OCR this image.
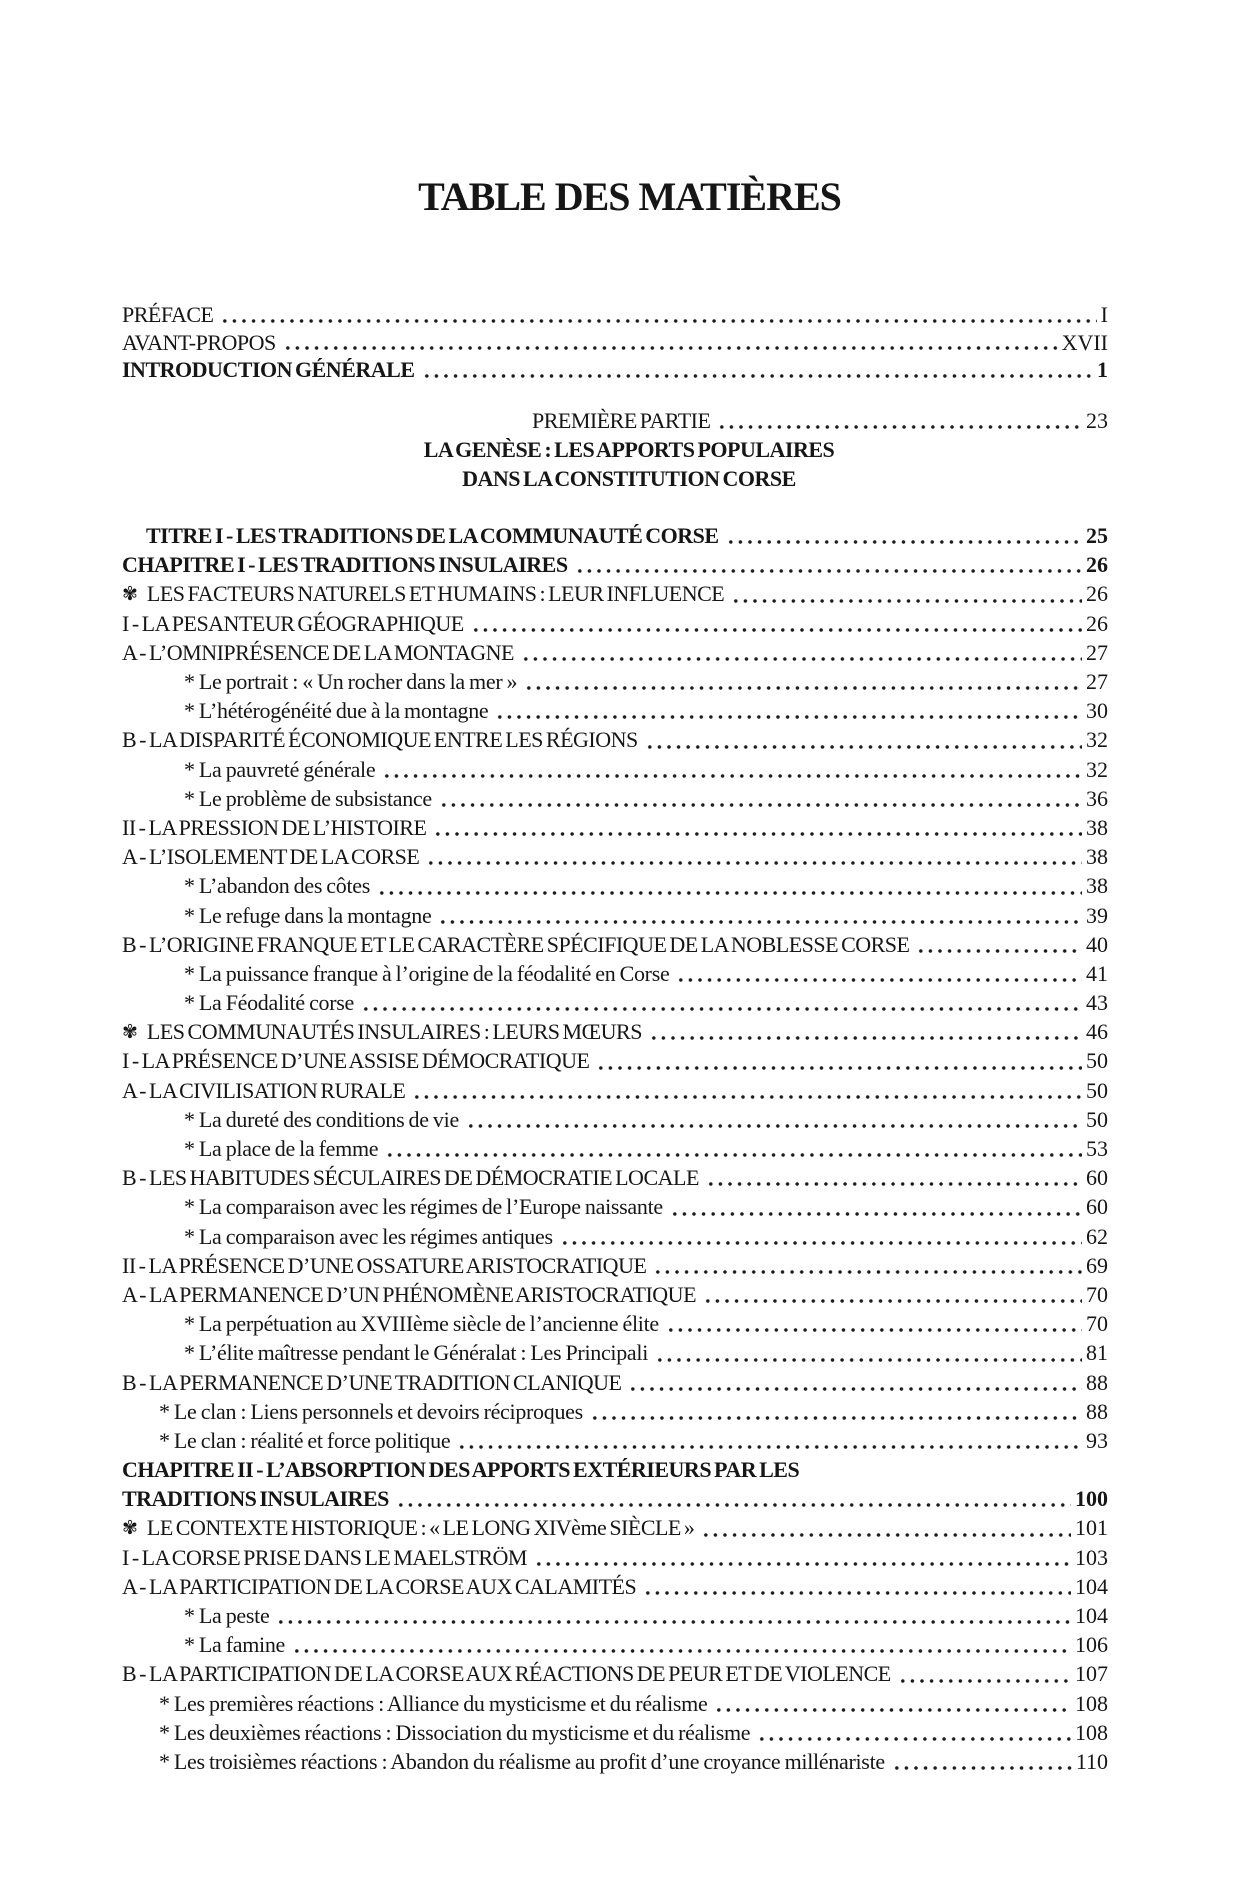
TABLE DES MATIÈRES
PRÉFACE	I
AVANT-PROPOS	XVII
INTRODUCTION GÉNÉRALE	1
PREMIÈRE PARTIE	23
LA GENÈSE : LES APPORTS POPULAIRES
DANS LA CONSTITUTION CORSE
TITRE I - LES TRADITIONS DE LA COMMUNAUTÉ CORSE	25
CHAPITRE I - LES TRADITIONS INSULAIRES	26
✾ LES FACTEURS NATURELS ET HUMAINS : LEUR INFLUENCE	26
I - LA PESANTEUR GÉOGRAPHIQUE	26
A - L’OMNIPRÉSENCE DE LA MONTAGNE	27
* Le portrait : « Un rocher dans la mer »	27
* L’hétérogénéité due à la montagne	30
B - LA DISPARITÉ ÉCONOMIQUE ENTRE LES RÉGIONS	32
* La pauvreté générale	32
* Le problème de subsistance	36
II - LA PRESSION DE L’HISTOIRE	38
A - L’ISOLEMENT DE LA CORSE	38
* L’abandon des côtes	38
* Le refuge dans la montagne	39
B - L’ORIGINE FRANQUE ET LE CARACTÈRE SPÉCIFIQUE DE LA NOBLESSE CORSE	40
* La puissance franque à l’origine de la féodalité en Corse	41
* La Féodalité corse	43
✾ LES COMMUNAUTÉS INSULAIRES : LEURS MŒURS	46
I - LA PRÉSENCE D’UNE ASSISE DÉMOCRATIQUE	50
A - LA CIVILISATION RURALE	50
* La dureté des conditions de vie	50
* La place de la femme	53
B - LES HABITUDES SÉCULAIRES DE DÉMOCRATIE LOCALE	60
* La comparaison avec les régimes de l’Europe naissante	60
* La comparaison avec les régimes antiques	62
II - LA PRÉSENCE D’UNE OSSATURE ARISTOCRATIQUE	69
A - LA PERMANENCE D’UN PHÉNOMÈNE ARISTOCRATIQUE	70
* La perpétuation au XVIIIème siècle de l’ancienne élite	70
* L’élite maîtresse pendant le Généralat : Les Principali	81
B - LA PERMANENCE D’UNE TRADITION CLANIQUE	88
* Le clan : Liens personnels et devoirs réciproques	88
* Le clan : réalité et force politique	93
CHAPITRE II - L’ABSORPTION DES APPORTS EXTÉRIEURS PAR LES
TRADITIONS INSULAIRES	100
✾ LE CONTEXTE HISTORIQUE : « LE LONG XIVème SIÈCLE »	101
I - LA CORSE PRISE DANS LE MAELSTRÖM	103
A - LA PARTICIPATION DE LA CORSE AUX CALAMITÉS	104
* La peste	104
* La famine	106
B - LA PARTICIPATION DE LA CORSE AUX RÉACTIONS DE PEUR ET DE VIOLENCE	107
* Les premières réactions : Alliance du mysticisme et du réalisme	108
* Les deuxièmes réactions : Dissociation du mysticisme et du réalisme	108
* Les troisièmes réactions : Abandon du réalisme au profit d’une croyance millénariste	110
